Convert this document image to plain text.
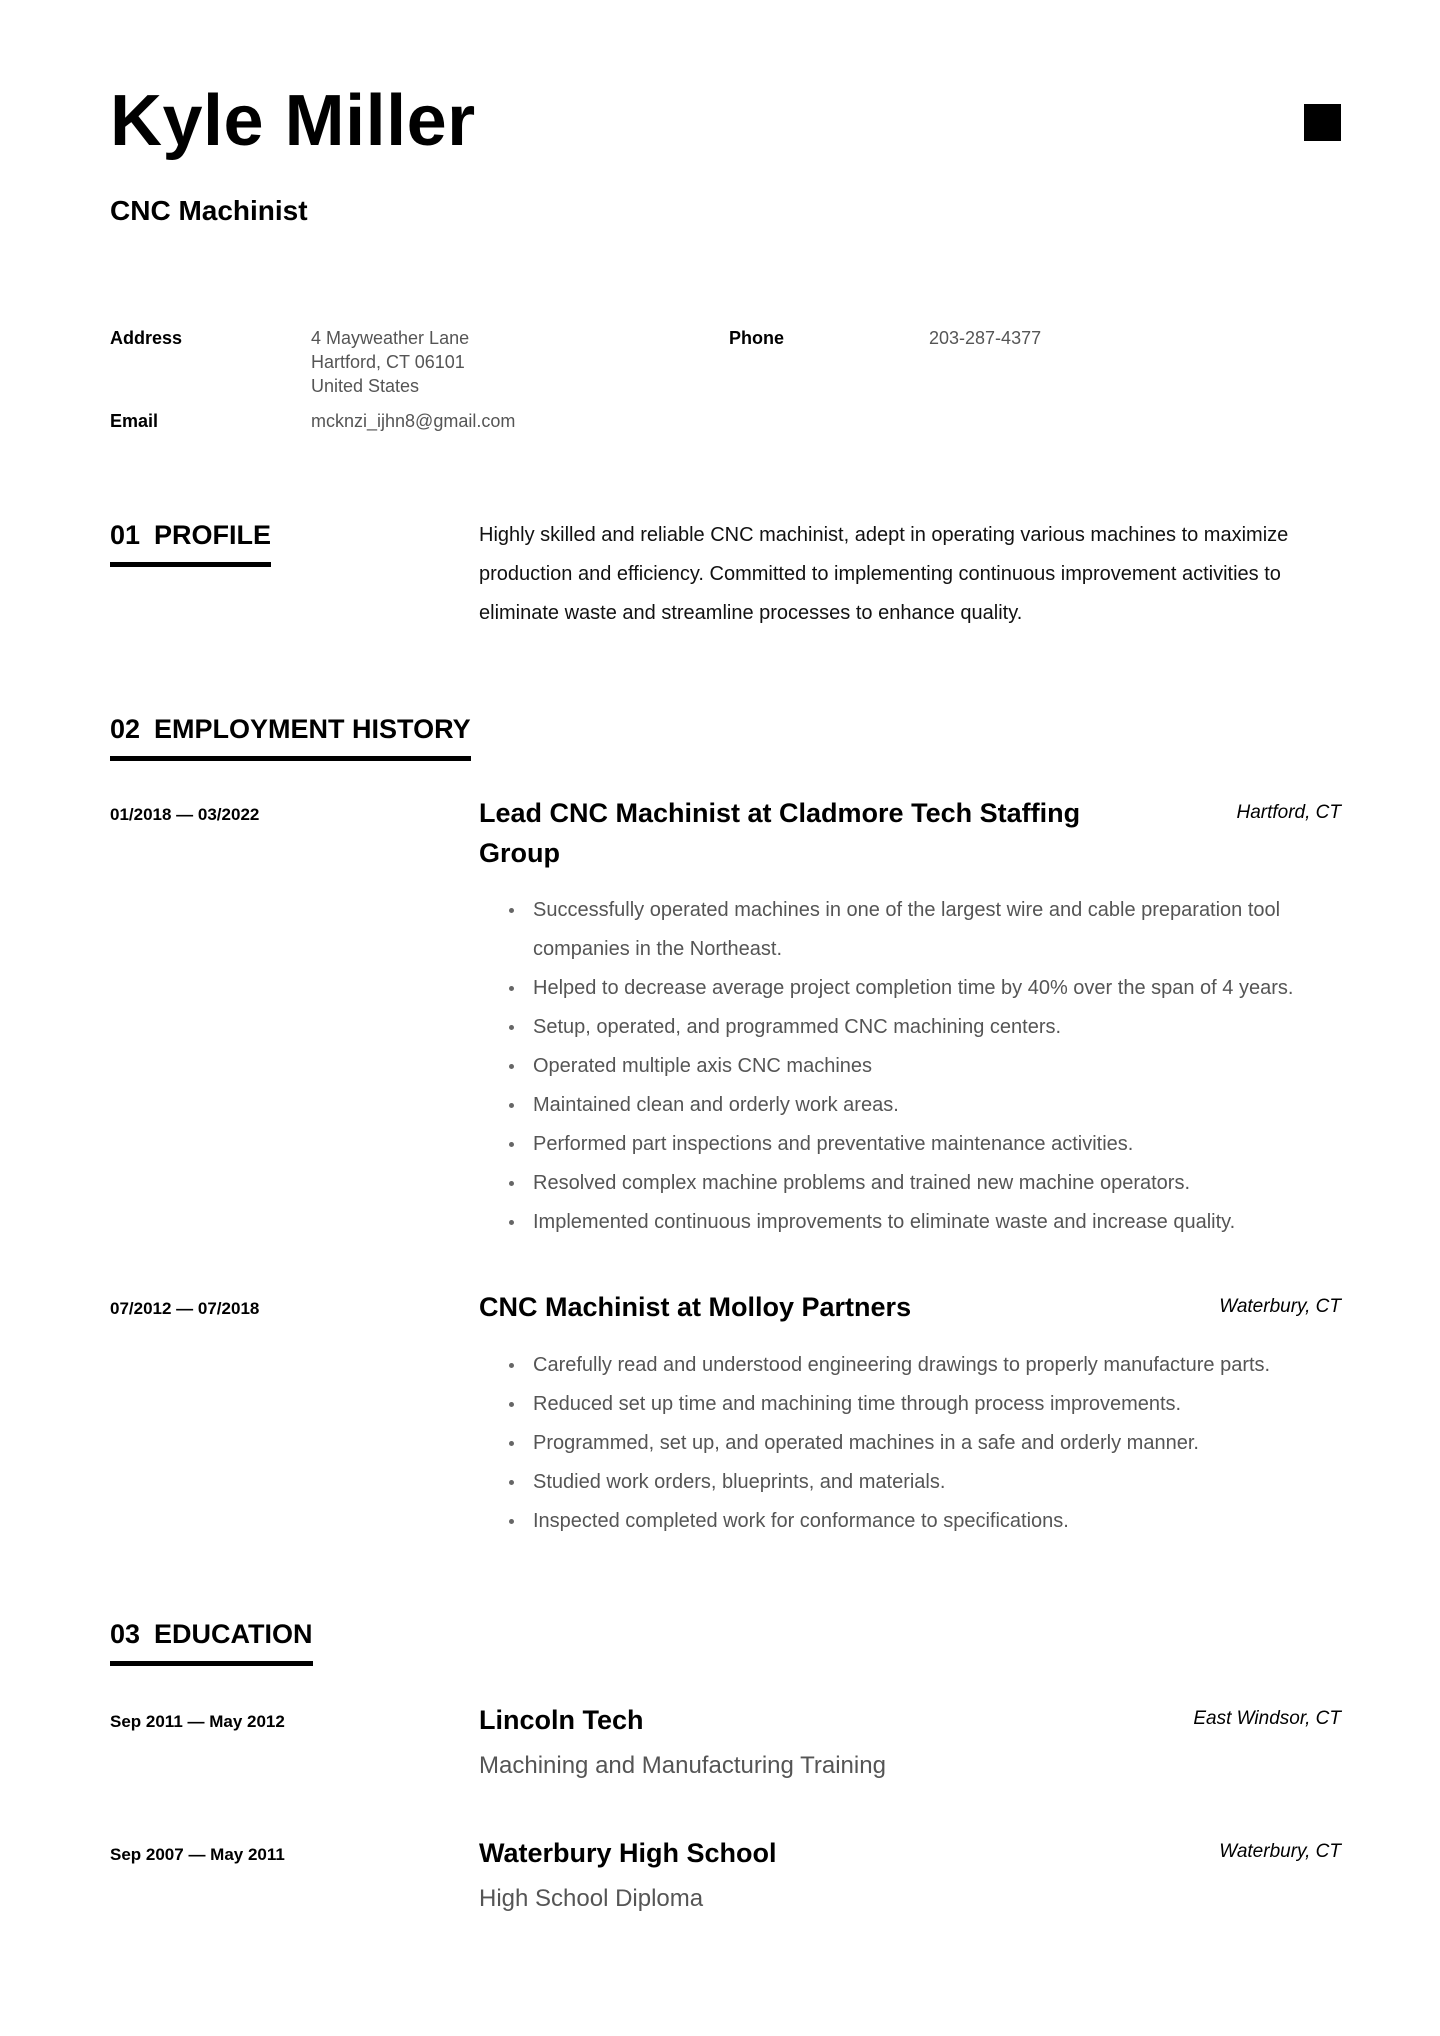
Kyle Miller
CNC Machinist
Address	4 Mayweather Lane
Hartford, CT 06101
United States
Phone	203-287-4377
Email	mcknzi_ijhn8@gmail.com
01 PROFILE	Highly skilled and reliable CNC machinist, adept in operating various machines to maximize production and efficiency. Committed to implementing continuous improvement activities to eliminate waste and streamline processes to enhance quality.
02 EMPLOYMENT HISTORY
01/2018 — 03/2022	Lead CNC Machinist at Cladmore Tech Staffing
Group
Hartford, CT
Successfully operated machines in one of the largest wire and cable preparation tool companies in the Northeast.
Helped to decrease average project completion time by 40% over the span of 4 years.
Setup, operated, and programmed CNC machining centers.
Operated multiple axis CNC machines
Maintained clean and orderly work areas.
Performed part inspections and preventative maintenance activities.
Resolved complex machine problems and trained new machine operators.
Implemented continuous improvements to eliminate waste and increase quality.
07/2012 — 07/2018	CNC Machinist at Molloy Partners	Waterbury, CT
Carefully read and understood engineering drawings to properly manufacture parts.
Reduced set up time and machining time through process improvements.
Programmed, set up, and operated machines in a safe and orderly manner.
Studied work orders, blueprints, and materials.
Inspected completed work for conformance to specifications.
03 EDUCATION
Sep 2011 — May 2012	Lincoln Tech	East Windsor, CT
Machining and Manufacturing Training
Sep 2007 — May 2011	Waterbury High School	Waterbury, CT
High School Diploma
